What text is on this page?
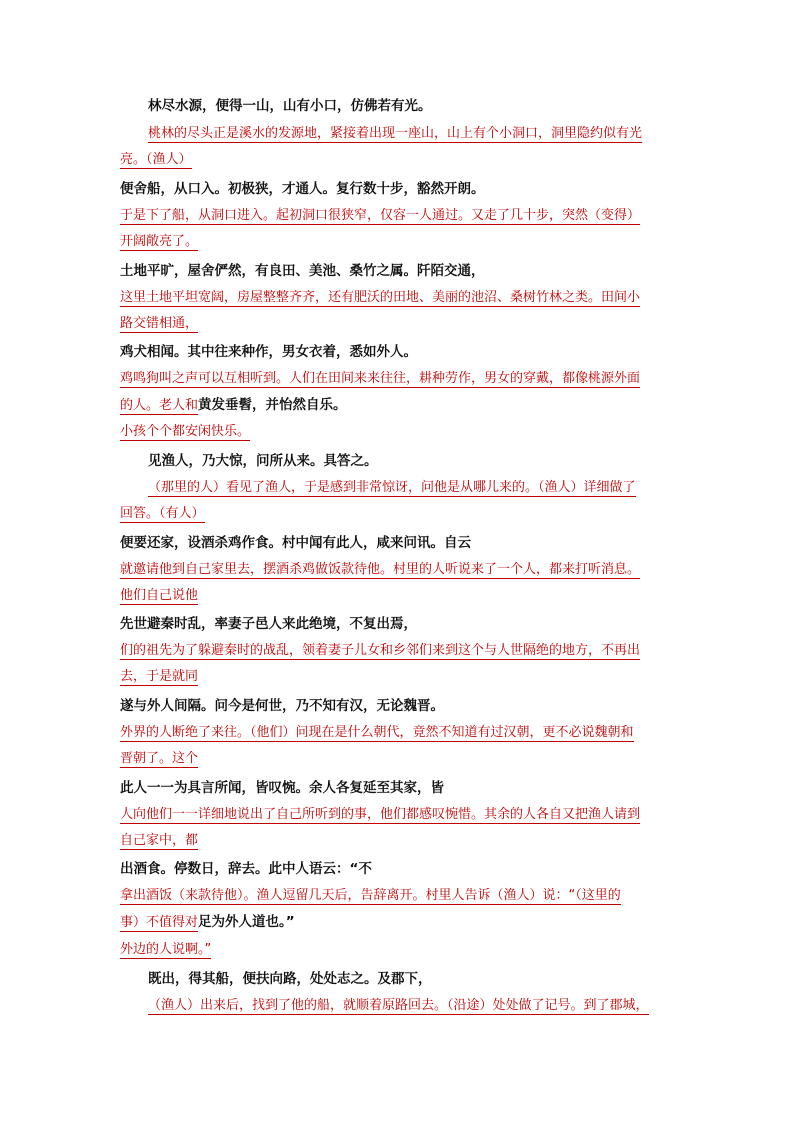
林尽水源，便得一山，山有小口，仿佛若有光。
桃林的尽头正是溪水的发源地，紧接着出现一座山，山上有个小洞口，洞里隐约似有光
亮。（渔人）
便舍船，从口入。初极狭，才通人。复行数十步，豁然开朗。
于是下了船，从洞口进入。起初洞口很狭窄，仅容一人通过。又走了几十步，突然（变得）
开阔敞亮了。
土地平旷，屋舍俨然，有良田、美池、桑竹之属。阡陌交通，
这里土地平坦宽阔，房屋整整齐齐，还有肥沃的田地、美丽的池沼、桑树竹林之类。田间小
路交错相通，
鸡犬相闻。其中往来种作，男女衣着，悉如外人。
鸡鸣狗叫之声可以互相听到。人们在田间来来往往，耕种劳作，男女的穿戴，都像桃源外面
的人。老人和黄发垂髫，并怡然自乐。
小孩个个都安闲快乐。
见渔人，乃大惊，问所从来。具答之。
（那里的人）看见了渔人，于是感到非常惊讶，问他是从哪儿来的。（渔人）详细做了
回答。（有人）
便要还家，设酒杀鸡作食。村中闻有此人，咸来问讯。自云
就邀请他到自己家里去，摆酒杀鸡做饭款待他。村里的人听说来了一个人，都来打听消息。
他们自己说他
先世避秦时乱，率妻子邑人来此绝境，不复出焉，
们的祖先为了躲避秦时的战乱，领着妻子儿女和乡邻们来到这个与人世隔绝的地方，不再出
去，于是就同
遂与外人间隔。问今是何世，乃不知有汉，无论魏晋。
外界的人断绝了来往。（他们）问现在是什么朝代，竟然不知道有过汉朝，更不必说魏朝和
晋朝了。这个
此人一一为具言所闻，皆叹惋。余人各复延至其家，皆
人向他们一一详细地说出了自己所听到的事，他们都感叹惋惜。其余的人各自又把渔人请到
自己家中，都
出酒食。停数日，辞去。此中人语云：“不
拿出酒饭（来款待他）。渔人逗留几天后，告辞离开。村里人告诉（渔人）说：“（这里的
事）不值得对足为外人道也。”
外边的人说啊。”
既出，得其船，便扶向路，处处志之。及郡下，
（渔人）出来后，找到了他的船，就顺着原路回去。（沿途）处处做了记号。到了郡城，
